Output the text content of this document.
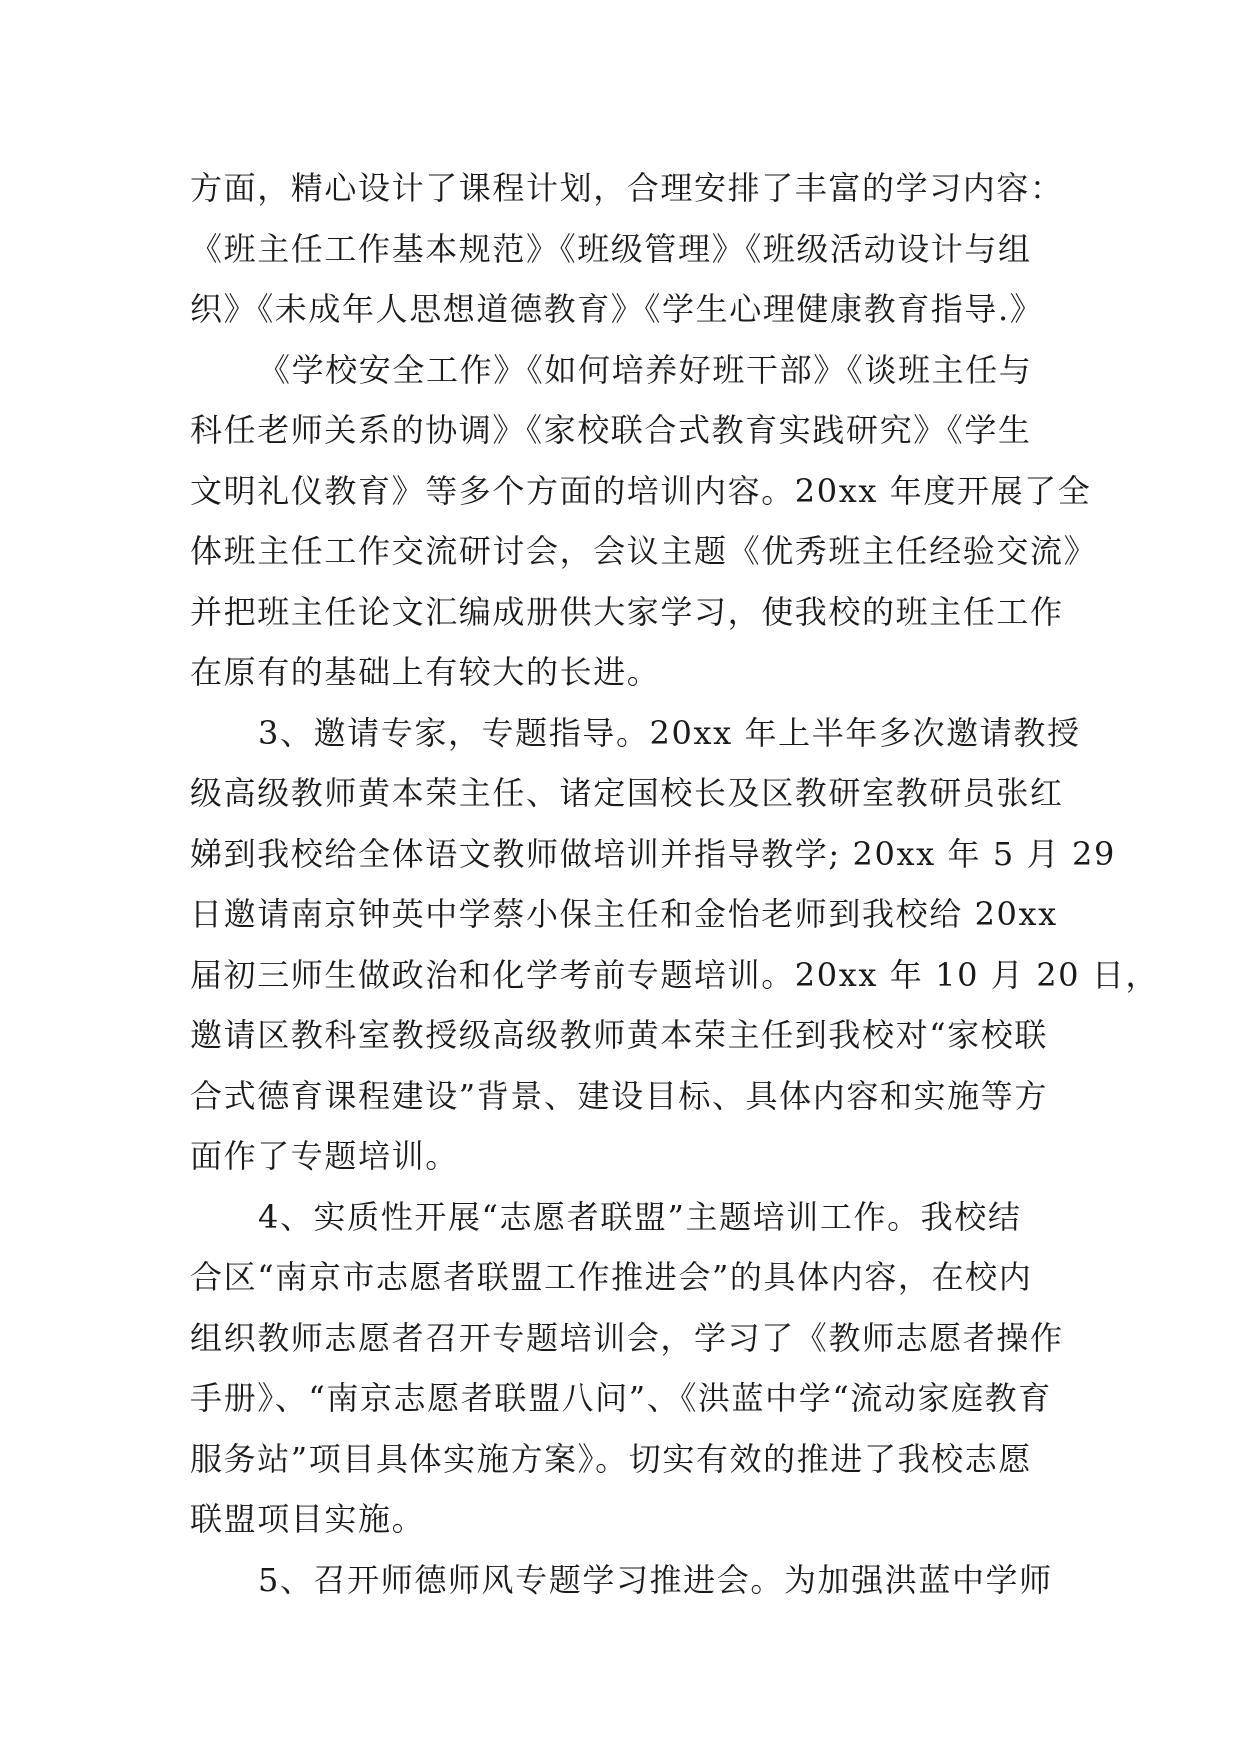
方面，精心设计了课程计划，合理安排了丰富的学习内容：
《班主任工作基本规范》《班级管理》《班级活动设计与组
织》《未成年人思想道德教育》《学生心理健康教育指导.》
《学校安全工作》《如何培养好班干部》《谈班主任与
科任老师关系的协调》《家校联合式教育实践研究》《学生
文明礼仪教育》等多个方面的培训内容。20xx 年度开展了全
体班主任工作交流研讨会，会议主题《优秀班主任经验交流》
并把班主任论文汇编成册供大家学习，使我校的班主任工作
在原有的基础上有较大的长进。
3、邀请专家，专题指导。20xx 年上半年多次邀请教授
级高级教师黄本荣主任、诸定国校长及区教研室教研员张红
娣到我校给全体语文教师做培训并指导教学; 20xx 年 5 月 29
日邀请南京钟英中学蔡小保主任和金怡老师到我校给 20xx
届初三师生做政治和化学考前专题培训。20xx 年 10 月 20 日，
邀请区教科室教授级高级教师黄本荣主任到我校对“家校联
合式德育课程建设”背景、建设目标、具体内容和实施等方
面作了专题培训。
4、实质性开展“志愿者联盟”主题培训工作。我校结
合区“南京市志愿者联盟工作推进会”的具体内容，在校内
组织教师志愿者召开专题培训会，学习了《教师志愿者操作
手册》、“南京志愿者联盟八问”、《洪蓝中学“流动家庭教育
服务站”项目具体实施方案》。切实有效的推进了我校志愿
联盟项目实施。
5、召开师德师风专题学习推进会。为加强洪蓝中学师
